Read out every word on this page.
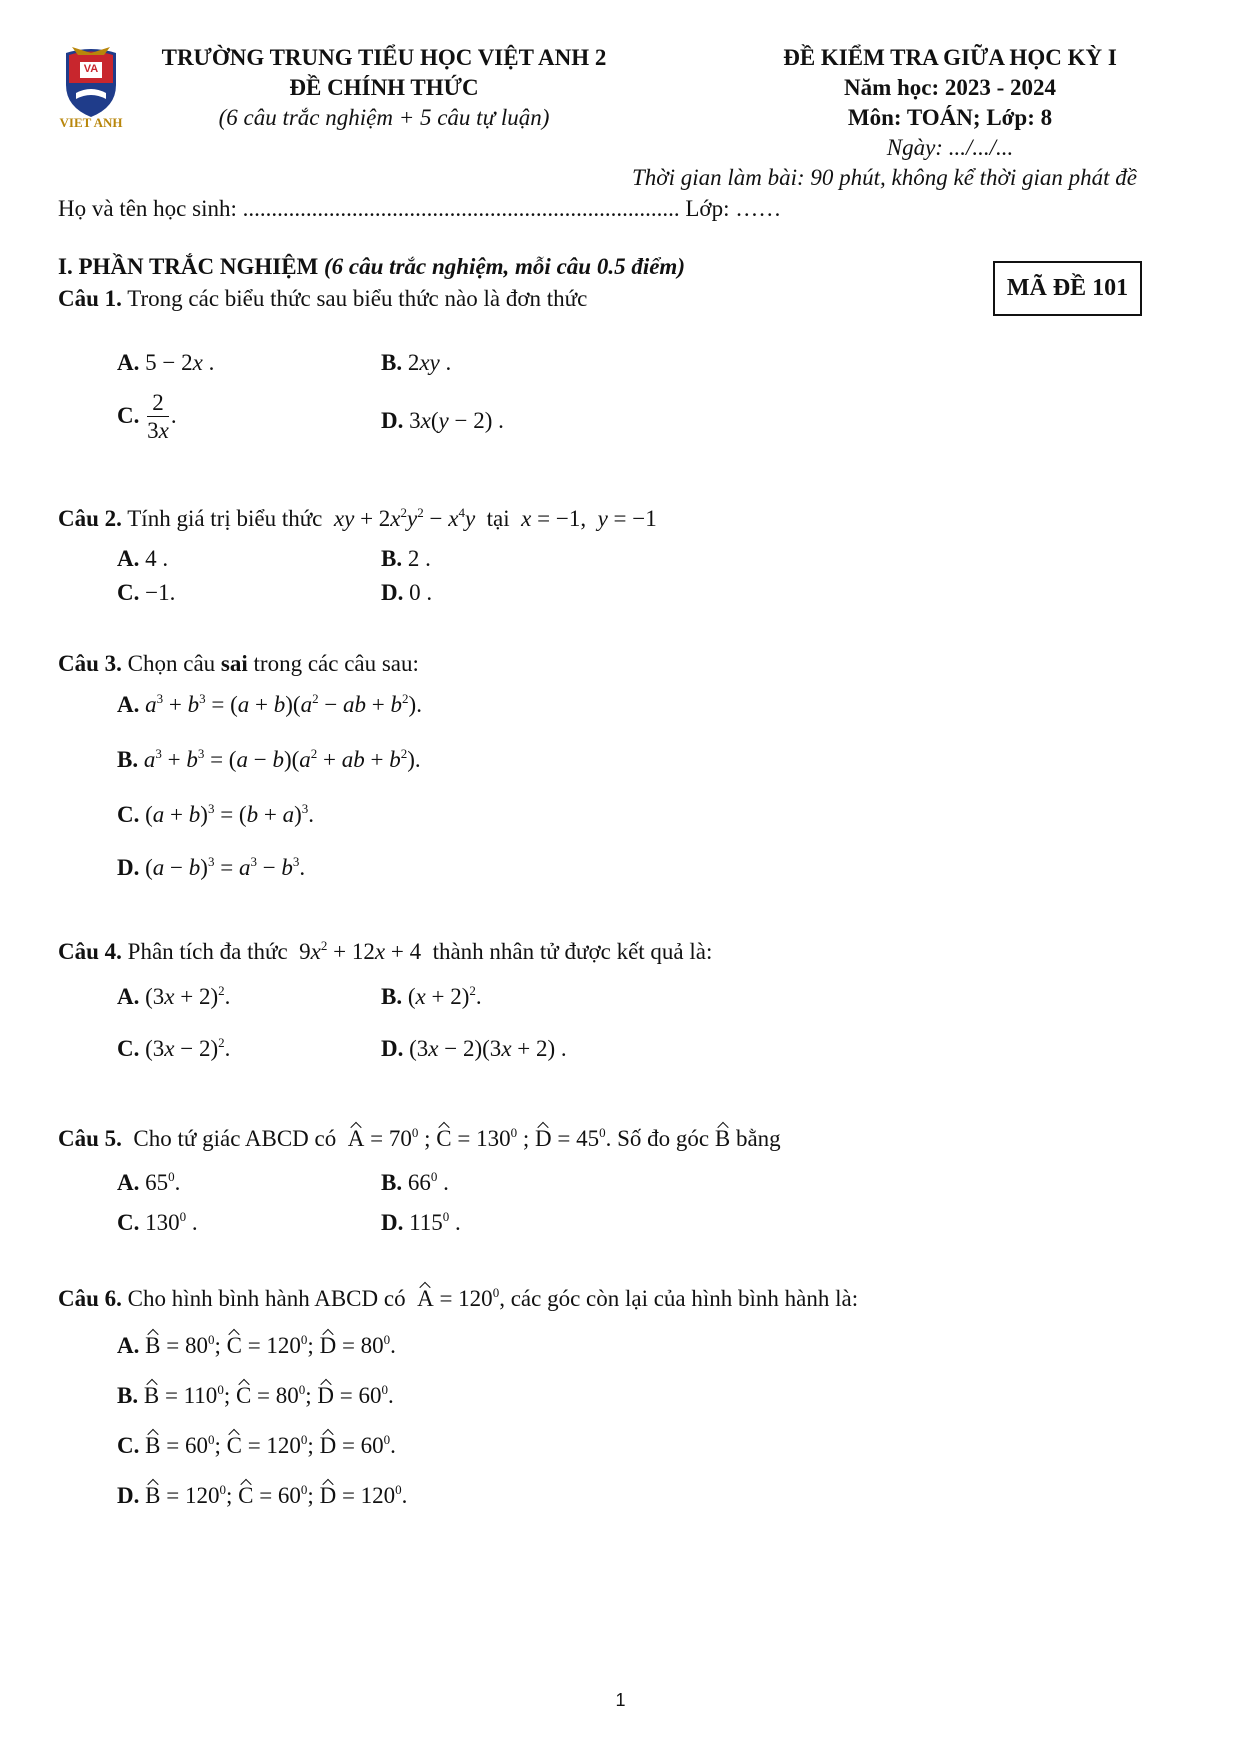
VA
VIET ANH
TRƯỜNG TRUNG TIỂU HỌC VIỆT ANH 2
ĐỀ CHÍNH THỨC
(6 câu trắc nghiệm + 5 câu tự luận)
ĐỀ KIỂM TRA GIỮA HỌC KỲ I
Năm học: 2023 - 2024
Môn: TOÁN; Lớp: 8
Ngày: .../.../...
Thời gian làm bài: 90 phút, không kể thời gian phát đề
Họ và tên học sinh: ............................................................................ Lớp: ……
I. PHẦN TRẮC NGHIỆM (6 câu trắc nghiệm, mỗi câu 0.5 điểm)
MÃ ĐỀ 101
Câu 1. Trong các biểu thức sau biểu thức nào là đơn thức
A. 5 − 2x .	B. 2xy .
C. $\frac{2}{3x}$ .	D. 3x(y − 2) .
Câu 2. Tính giá trị biểu thức  xy + $2x^2y^2 - x^4y$ tại x = −1,  y = −1
A. 4 .	B. 2 .
C. −1.	D. 0 .
Câu 3. Chọn câu sai trong các câu sau:
A. $a^3 + b^3 = (a + b)(a^2$ − ab + $b^2$).
B. $a^3 + b^3 = (a - b)(a^2$ + ab + $b^2$).
C. $(a + b)^3 = (b + a)^3$.
D. $(a - b)^3 = a^3 - b^3$.
Câu 4. Phân tích đa thức  $9x^2 + 12x + 4$  thành nhân tử được kết quả là:
A. $(3x + 2)^2$.	B. $(x + 2)^2$.
C. $(3x - 2)^2$.	D. (3x − 2)(3x + 2) .
Câu 5. Cho tứ giác ABCD có $A = 70^0$ ; $C = 130^0$ ; $D = 45^0$. Số đo góc B bằng
A. $65^0$.	B. $66^0$ .
C. $130^0$ .	D. $115^0$ .
Câu 6. Cho hình bình hành ABCD có $A = 120^0$, các góc còn lại của hình bình hành là:
A. $B = 80^0$; $C = 120^0$; $D = 80^0$.
B. $B = 110^0$; $C = 80^0$; $D = 60^0$.
C. $B = 60^0$; $C = 120^0$; $D = 60^0$.
D. $B = 120^0$; $C = 60^0$; $D = 120^0$.
1
